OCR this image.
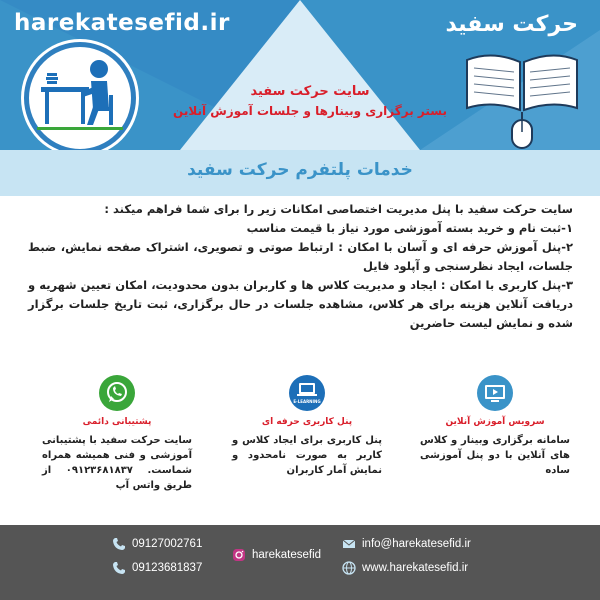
harekatesefid.ir	حرکت سفید
سایت حرکت سفید
بستر برگزاری وبینارها و جلسات آموزش آنلاین
خدمات پلتفرم حرکت سفید

سایت حرکت سفید با پنل مدیریت اختصاصی امکانات زیر را برای شما فراهم میکند :

۱-ثبت نام و خرید بسته آموزشی مورد نیاز با قیمت مناسب

۲-پنل آموزش حرفه ای و آسان با امکان : ارتباط صوتی و تصویری، اشتراک صفحه نمایش، ضبط جلسات، ایجاد نظرسنجی و آپلود فایل

۳-پنل کاربری با امکان : ایجاد و مدیریت کلاس ها و کاربران بدون محدودیت، امکان تعیین شهریه و دریافت آنلاین هزینه برای هر کلاس، مشاهده جلسات در حال برگزاری، ثبت تاریخ جلسات برگزار شده و نمایش لیست حاضرین

سرویس آموزش آنلاین
سامانه برگزاری وبینار و کلاس های آنلاین با دو پنل آموزشی ساده
E-LEARNING
پنل کاربری حرفه ای
پنل کاربری برای ایجاد کلاس و کاربر به صورت نامحدود و نمایش آمار کاربران
پشتیبانی دائمی
سایت حرکت سفید با پشتیبانی آموزشی و فنی همیشه همراه شماست. ۰۹۱۲۳۶۸۱۸۳۷ از طریق واتس آپ
09127002761
09123681837
harekatesefid
info@harekatesefid.ir
www.harekatesefid.ir
